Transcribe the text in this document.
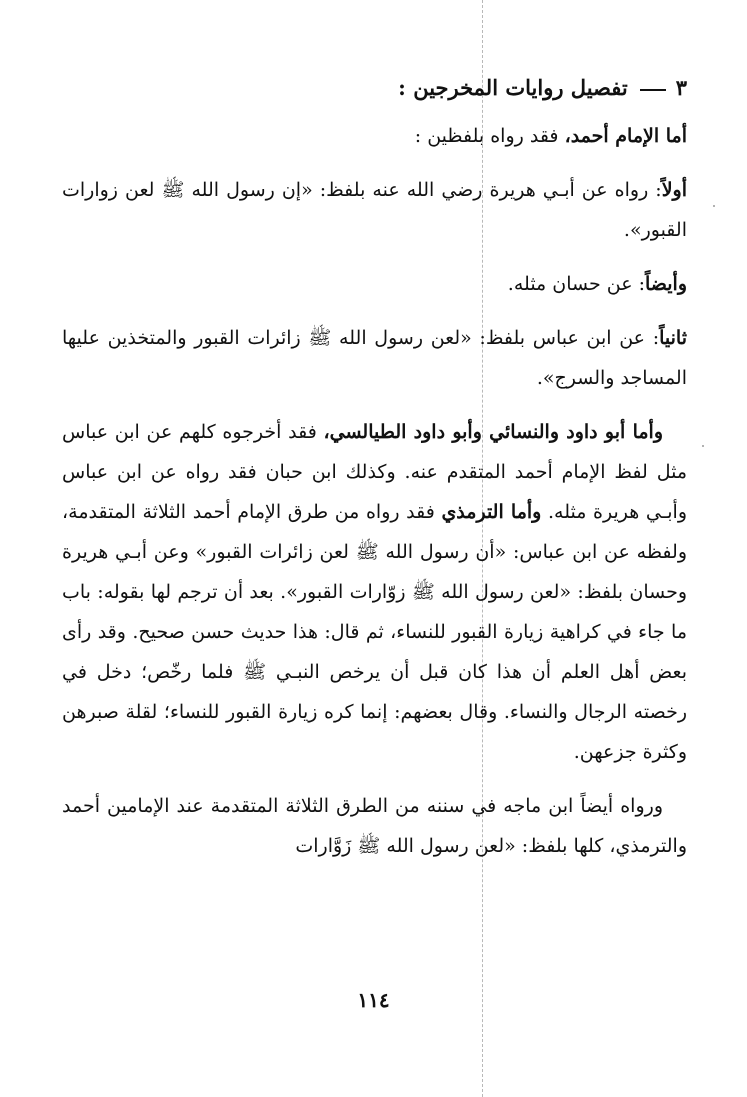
٣تفصيل روايات المخرجين :

أما الإمام أحمد، فقد رواه بلفظين :

أولاً: رواه عن أبـي هريرة رضي الله عنه بلفظ: «إن رسول الله ﷺ لعن زوارات القبور».

وأيضاً: عن حسان مثله.

ثانياً: عن ابن عباس بلفظ: «لعن رسول الله ﷺ زائرات القبور والمتخذين عليها المساجد والسرج».

وأما أبو داود والنسائي وأبو داود الطيالسي، فقد أخرجوه كلهم عن ابن عباس مثل لفظ الإمام أحمد المتقدم عنه. وكذلك ابن حبان فقد رواه عن ابن عباس وأبـي هريرة مثله. وأما الترمذي فقد رواه من طرق الإمام أحمد الثلاثة المتقدمة، ولفظه عن ابن عباس: «أن رسول الله ﷺ لعن زائرات القبور» وعن أبـي هريرة وحسان بلفظ: «لعن رسول الله ﷺ زوّارات القبور». بعد أن ترجم لها بقوله: باب ما جاء في كراهية زيارة القبور للنساء، ثم قال: هذا حديث حسن صحيح. وقد رأى بعض أهل العلم أن هذا كان قبل أن يرخص النبـي ﷺ فلما رخّص؛ دخل في رخصته الرجال والنساء. وقال بعضهم: إنما كره زيارة القبور للنساء؛ لقلة صبرهن وكثرة جزعهن.

ورواه أيضاً ابن ماجه في سننه من الطرق الثلاثة المتقدمة عند الإمامين أحمد والترمذي، كلها بلفظ: «لعن رسول الله ﷺ زَوَّارات

١١٤
